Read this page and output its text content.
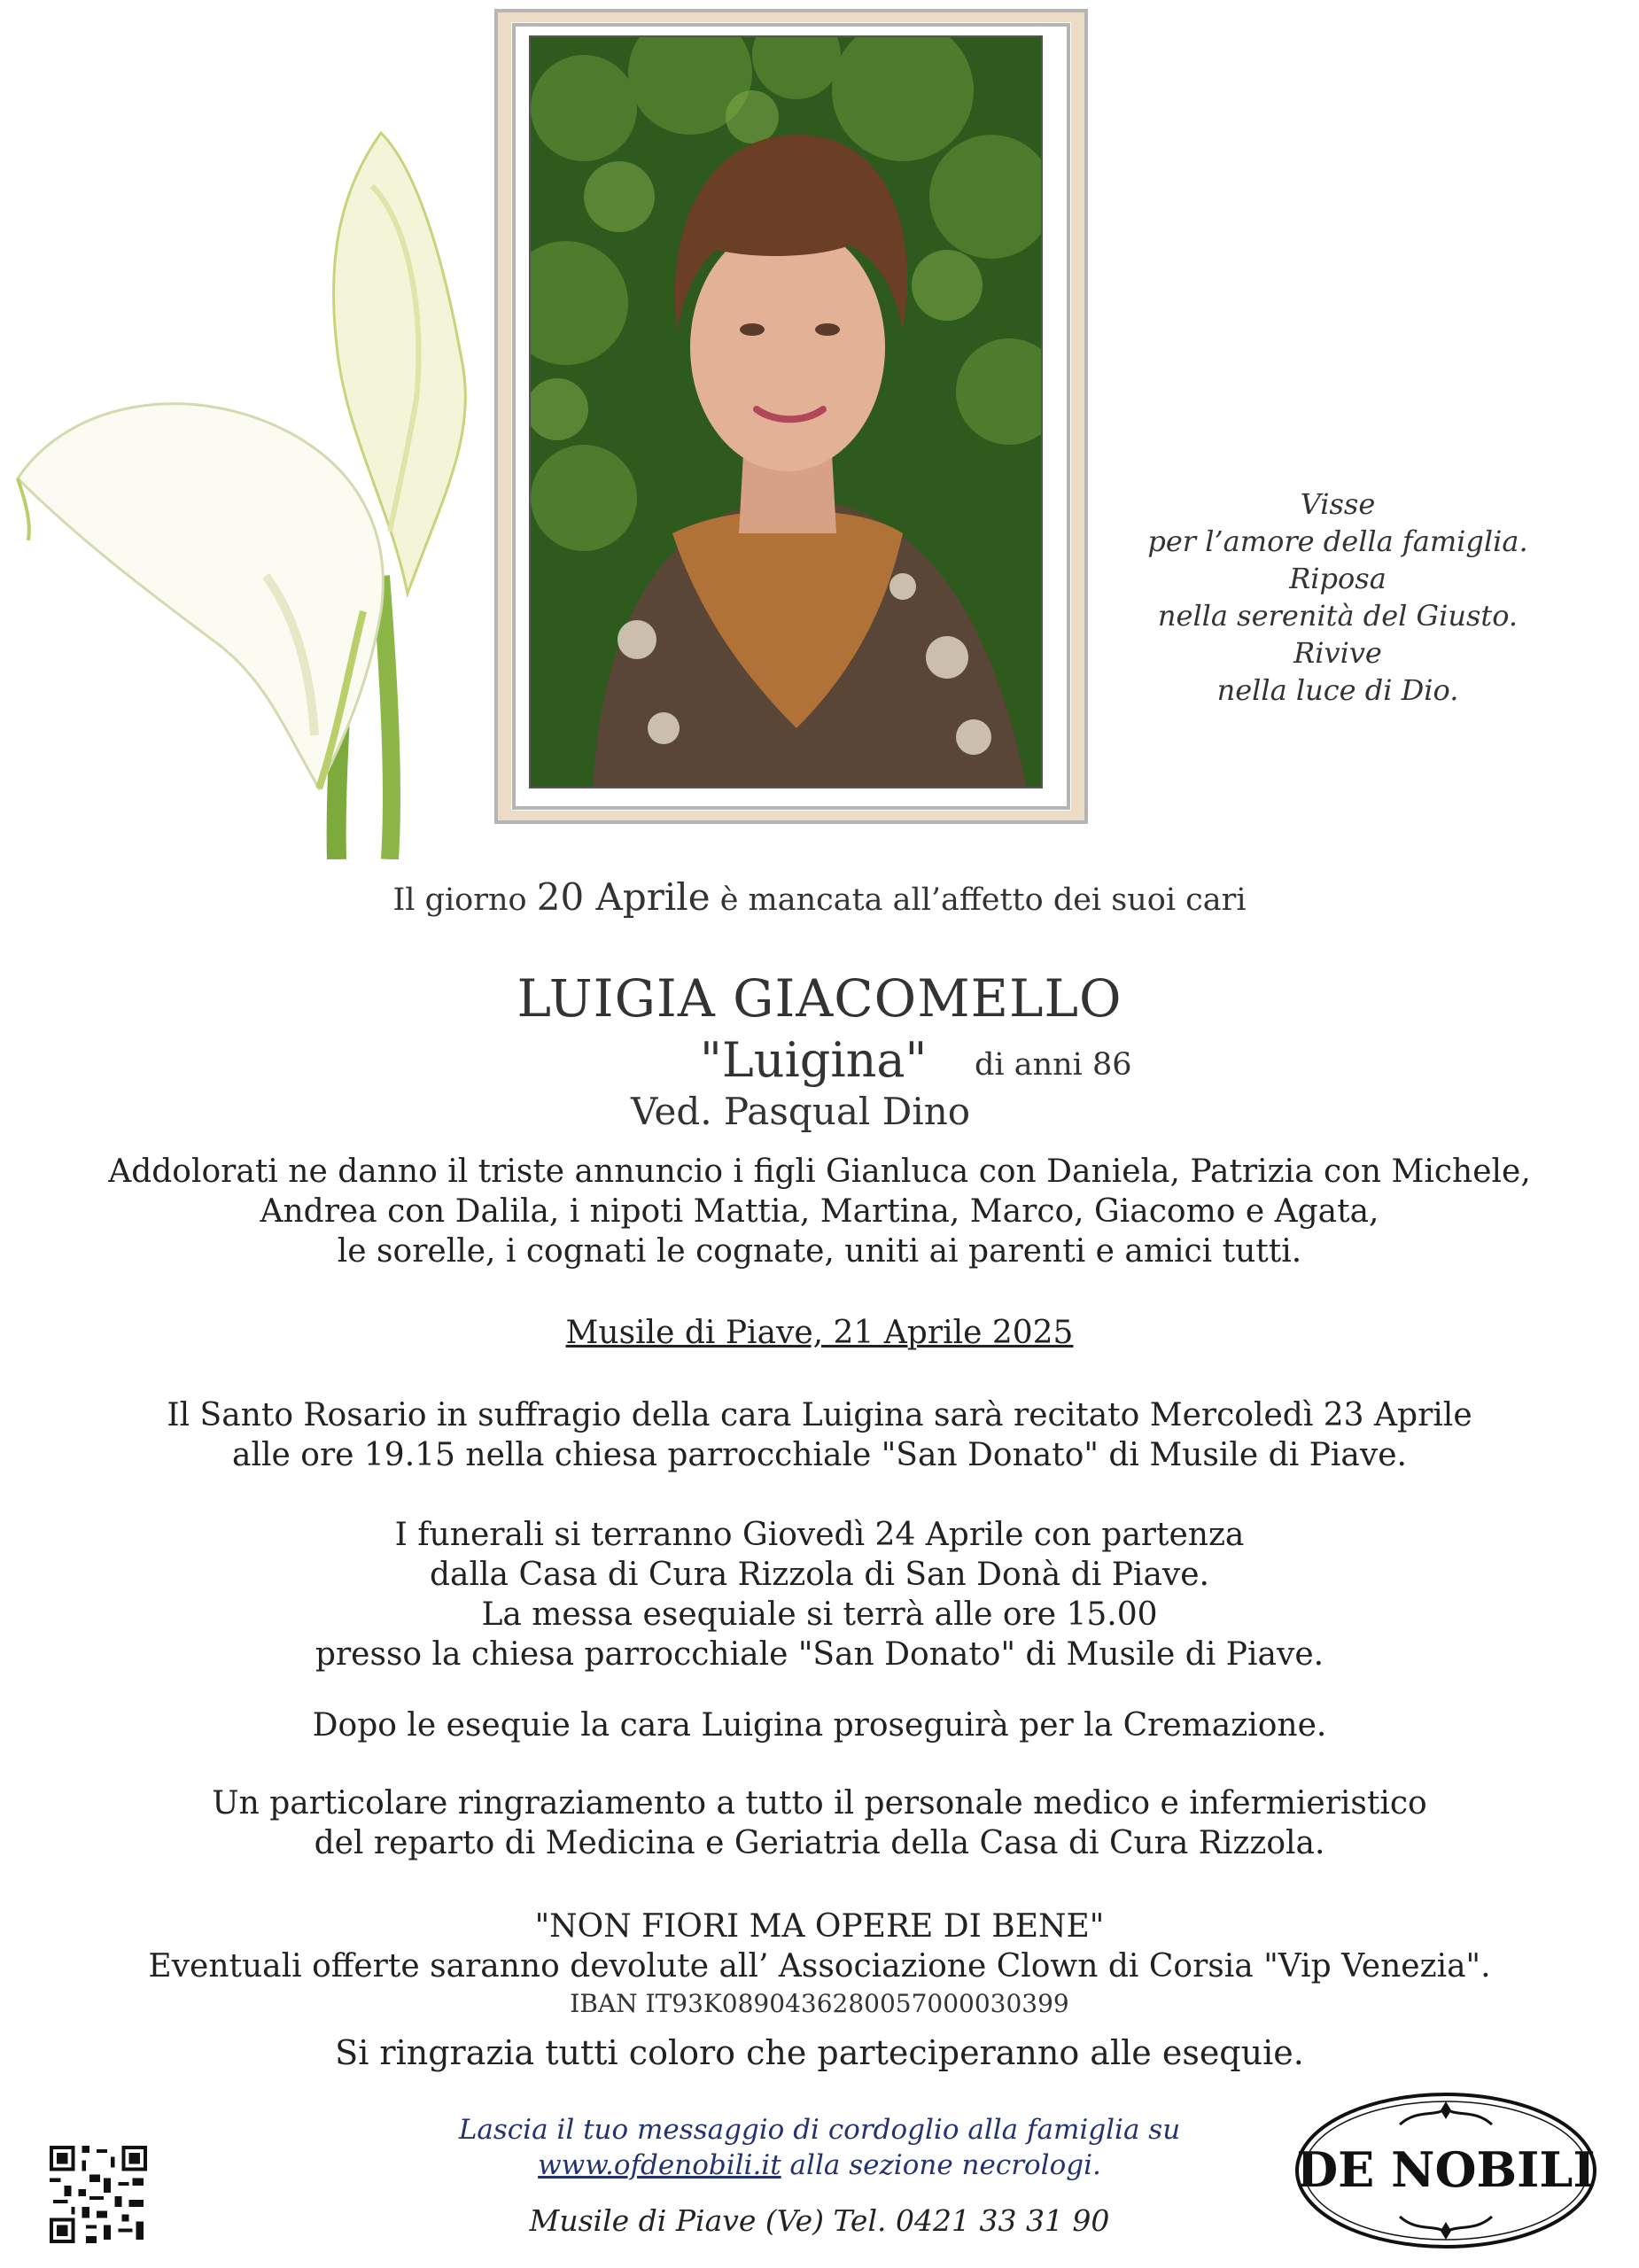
Visse
per l’amore della famiglia.
Riposa
nella serenità del Giusto.
Rivive
nella luce di Dio.
Il giorno 20 Aprile è mancata all’affetto dei suoi cari
LUIGIA GIACOMELLO
"Luigina" di anni 86
Ved. Pasqual Dino
Addolorati ne danno il triste annuncio i figli Gianluca con Daniela, Patrizia con Michele,
Andrea con Dalila, i nipoti Mattia, Martina, Marco, Giacomo e Agata,
le sorelle, i cognati le cognate, uniti ai parenti e amici tutti.
Musile di Piave, 21 Aprile 2025
Il Santo Rosario in suffragio della cara Luigina sarà recitato Mercoledì 23 Aprile
alle ore 19.15 nella chiesa parrocchiale "San Donato" di Musile di Piave.
I funerali si terranno Giovedì 24 Aprile con partenza
dalla Casa di Cura Rizzola di San Donà di Piave.
La messa esequiale si terrà alle ore 15.00
presso la chiesa parrocchiale "San Donato" di Musile di Piave.
Dopo le esequie la cara Luigina proseguirà per la Cremazione.
Un particolare ringraziamento a tutto il personale medico e infermieristico
del reparto di Medicina e Geriatria della Casa di Cura Rizzola.
"NON FIORI MA OPERE DI BENE"
Eventuali offerte saranno devolute all’ Associazione Clown di Corsia "Vip Venezia".
IBAN IT93K0890436280057000030399
Si ringrazia tutti coloro che parteciperanno alle esequie.
Lascia il tuo messaggio di cordoglio alla famiglia su
www.ofdenobili.it alla sezione necrologi.
Musile di Piave (Ve) Tel. 0421 33 31 90
DE NOBILI
